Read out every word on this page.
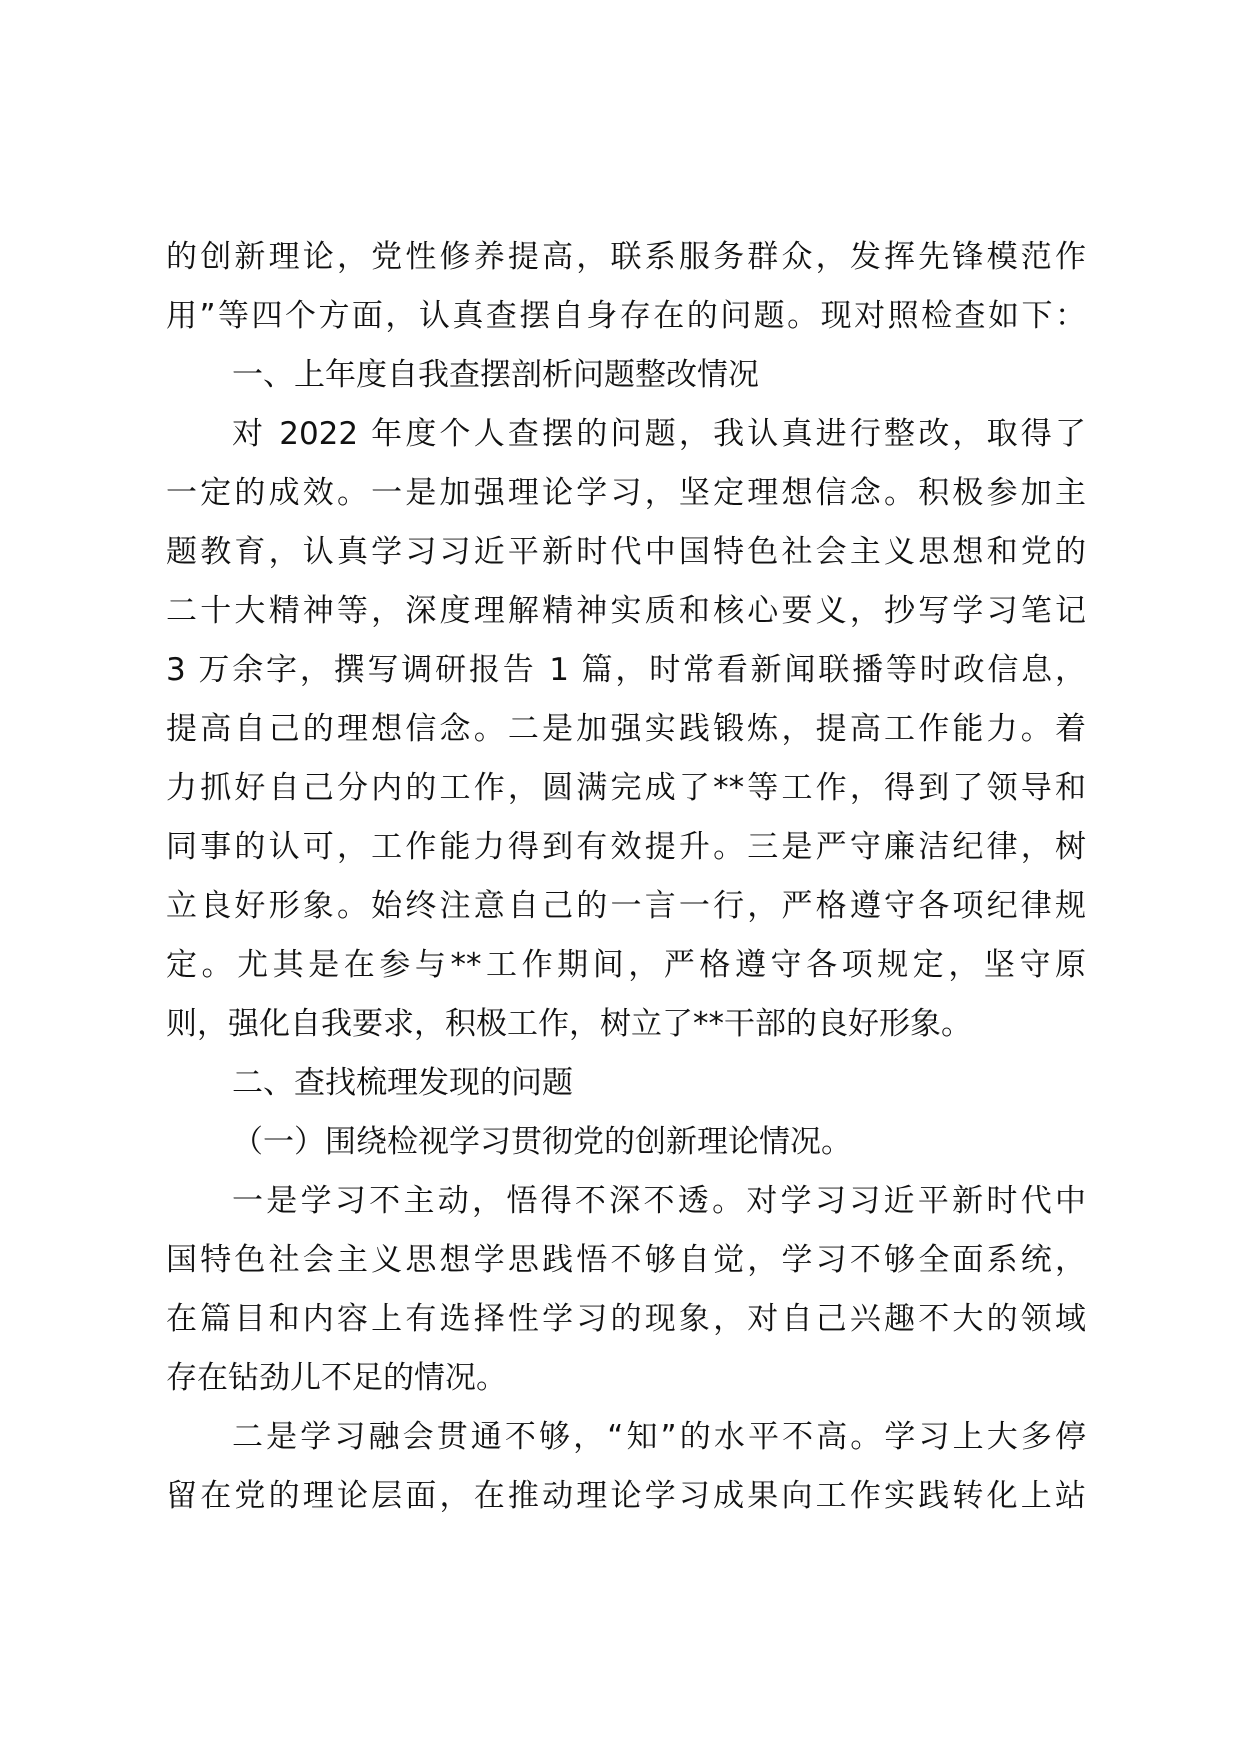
的创新理论，党性修养提高，联系服务群众，发挥先锋模范作
用”等四个方面，认真查摆自身存在的问题。现对照检查如下：
一、上年度自我查摆剖析问题整改情况
对 2022 年度个人查摆的问题，我认真进行整改，取得了
一定的成效。一是加强理论学习，坚定理想信念。积极参加主
题教育，认真学习习近平新时代中国特色社会主义思想和党的
二十大精神等，深度理解精神实质和核心要义，抄写学习笔记
3 万余字，撰写调研报告 1 篇，时常看新闻联播等时政信息，
提高自己的理想信念。二是加强实践锻炼，提高工作能力。着
力抓好自己分内的工作，圆满完成了**等工作，得到了领导和
同事的认可，工作能力得到有效提升。三是严守廉洁纪律，树
立良好形象。始终注意自己的一言一行，严格遵守各项纪律规
定。尤其是在参与**工作期间，严格遵守各项规定，坚守原
则，强化自我要求，积极工作，树立了**干部的良好形象。
二、查找梳理发现的问题
（一）围绕检视学习贯彻党的创新理论情况。
一是学习不主动，悟得不深不透。对学习习近平新时代中
国特色社会主义思想学思践悟不够自觉，学习不够全面系统，
在篇目和内容上有选择性学习的现象，对自己兴趣不大的领域
存在钻劲儿不足的情况。
二是学习融会贯通不够，“知”的水平不高。学习上大多停
留在党的理论层面，在推动理论学习成果向工作实践转化上站
